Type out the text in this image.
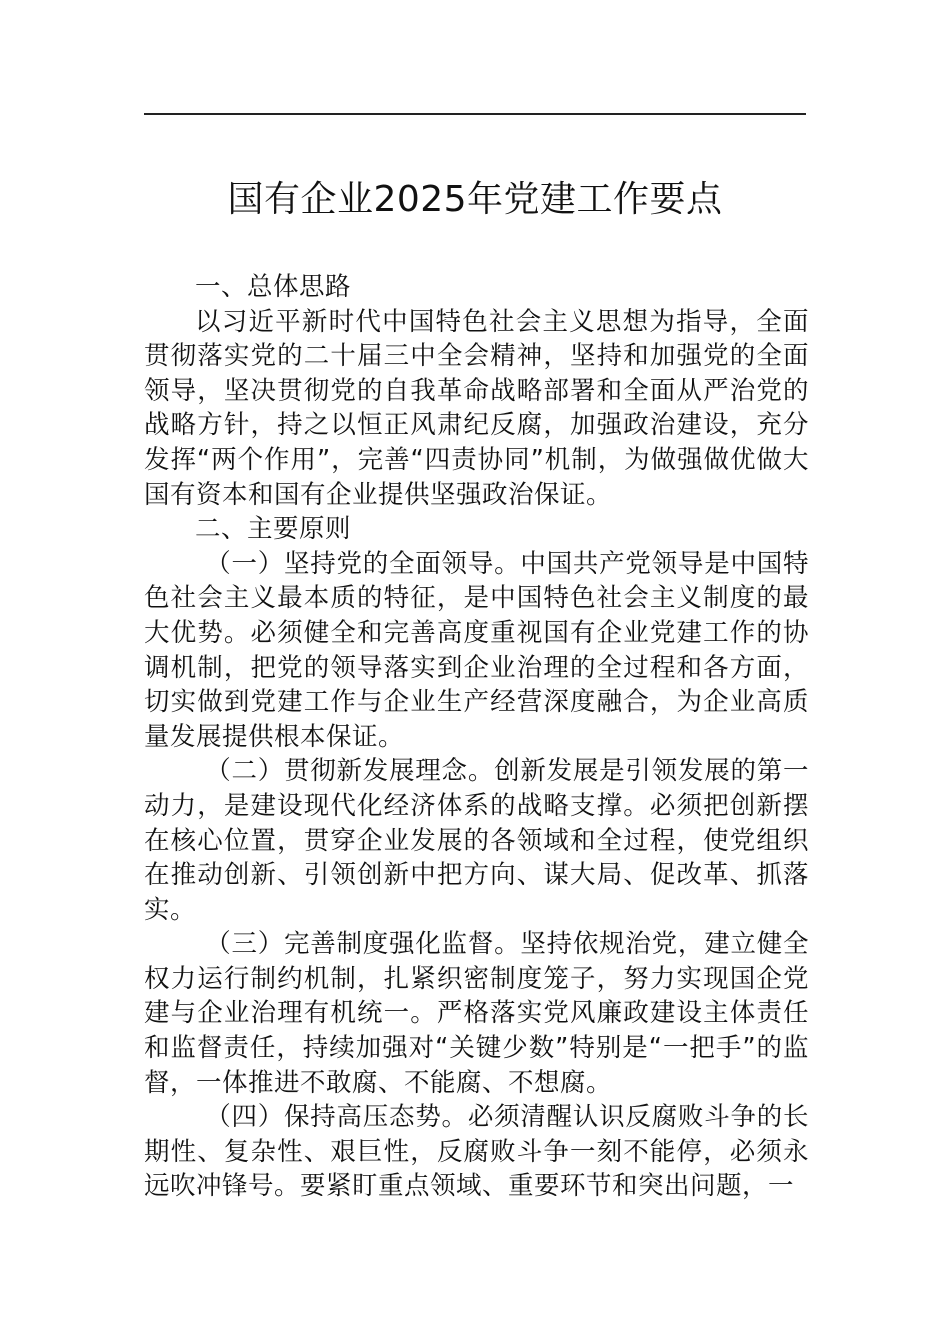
国有企业2025年党建工作要点

一、总体思路

以习近平新时代中国特色社会主义思想为指导，全面贯彻落实党的二十届三中全会精神，坚持和加强党的全面领导，坚决贯彻党的自我革命战略部署和全面从严治党的战略方针，持之以恒正风肃纪反腐，加强政治建设，充分发挥“两个作用”，完善“四责协同”机制，为做强做优做大国有资本和国有企业提供坚强政治保证。

二、主要原则

（一）坚持党的全面领导。中国共产党领导是中国特色社会主义最本质的特征，是中国特色社会主义制度的最大优势。必须健全和完善高度重视国有企业党建工作的协调机制，把党的领导落实到企业治理的全过程和各方面，切实做到党建工作与企业生产经营深度融合，为企业高质量发展提供根本保证。

（二）贯彻新发展理念。创新发展是引领发展的第一动力，是建设现代化经济体系的战略支撑。必须把创新摆在核心位置，贯穿企业发展的各领域和全过程，使党组织在推动创新、引领创新中把方向、谋大局、促改革、抓落实。

（三）完善制度强化监督。坚持依规治党，建立健全权力运行制约机制，扎紧织密制度笼子，努力实现国企党建与企业治理有机统一。严格落实党风廉政建设主体责任和监督责任，持续加强对“关键少数”特别是“一把手”的监督，一体推进不敢腐、不能腐、不想腐。

（四）保持高压态势。必须清醒认识反腐败斗争的长期性、复杂性、艰巨性，反腐败斗争一刻不能停，必须永远吹冲锋号。要紧盯重点领域、重要环节和突出问题，一
